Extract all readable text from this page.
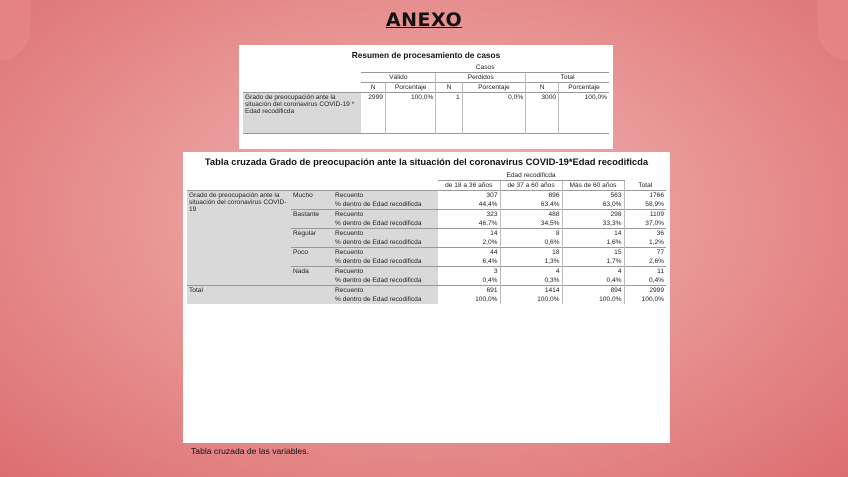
ANEXO
Resumen de procesamiento de casos
	Casos					
	Válido		Perdidos		Total	
	N	Porcentaje	N	Porcentaje	N	Porcentaje
Grado de preocupación ante la situación del coronavirus COVID-19 * Edad recodificda	2999	100,0%	1	0,0%	3000	100,0%
Tabla cruzada Grado de preocupación ante la situación del coronavirus COVID-19*Edad recodificda
			Edad recodificda			
			de 18 a 36 años	de 37 a 60 años	Más de 60 años	Total
Grado de preocupación ante la situación del coronavirus COVID-19	Mucho	Recuento	307	896	563	1766
		% dentro de Edad recodificda	44,4%	63,4%	63,0%	58,9%
	Bastante	Recuento	323	488	298	1109
		% dentro de Edad recodificda	46,7%	34,5%	33,3%	37,0%
	Regular	Recuento	14	8	14	36
		% dentro de Edad recodificda	2,0%	0,6%	1,6%	1,2%
	Poco	Recuento	44	18	15	77
		% dentro de Edad recodificda	6,4%	1,3%	1,7%	2,6%
	Nada	Recuento	3	4	4	11
		% dentro de Edad recodificda	0,4%	0,3%	0,4%	0,4%
Total		Recuento	691	1414	894	2999
		% dentro de Edad recodificda	100,0%	100,0%	100,0%	100,0%
Tabla cruzada de las variables.
